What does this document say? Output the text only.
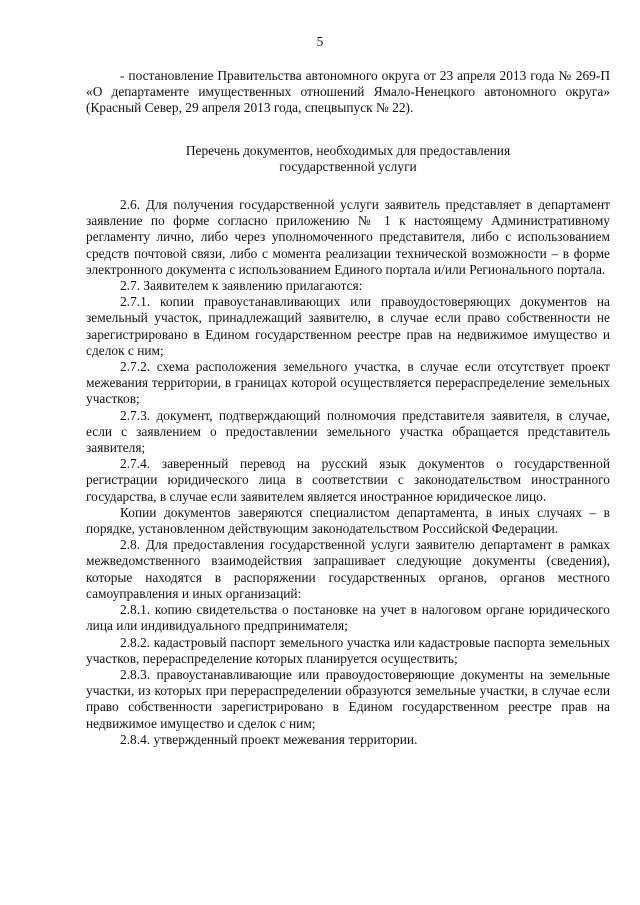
5

- постановление Правительства автономного округа от 23 апреля 2013 года № 269-П «О департаменте имущественных отношений Ямало-Ненецкого автономного округа» (Красный Север, 29 апреля 2013 года, спецвыпуск № 22).

Перечень документов, необходимых для предоставления
государственной услуги

2.6. Для получения государственной услуги заявитель представляет в департамент заявление по форме согласно приложению № 1 к настоящему Административному регламенту лично, либо через уполномоченного представителя, либо с использованием средств почтовой связи, либо с момента реализации технической возможности – в форме электронного документа с использованием Единого портала и/или Регионального портала.

2.7. Заявителем к заявлению прилагаются:

2.7.1. копии правоустанавливающих или правоудостоверяющих документов на земельный участок, принадлежащий заявителю, в случае если право собственности не зарегистрировано в Едином государственном реестре прав на недвижимое имущество и сделок с ним;

2.7.2. схема расположения земельного участка, в случае если отсутствует проект межевания территории, в границах которой осуществляется перераспределение земельных участков;

2.7.3. документ, подтверждающий полномочия представителя заявителя, в случае, если с заявлением о предоставлении земельного участка обращается представитель заявителя;

2.7.4. заверенный перевод на русский язык документов о государственной регистрации юридического лица в соответствии с законодательством иностранного государства, в случае если заявителем является иностранное юридическое лицо.

Копии документов заверяются специалистом департамента, в иных случаях – в порядке, установленном действующим законодательством Российской Федерации.

2.8. Для предоставления государственной услуги заявителю департамент в рамках межведомственного взаимодействия запрашивает следующие документы (сведения), которые находятся в распоряжении государственных органов, органов местного самоуправления и иных организаций:

2.8.1. копию свидетельства о постановке на учет в налоговом органе юридического лица или индивидуального предпринимателя;

2.8.2. кадастровый паспорт земельного участка или кадастровые паспорта земельных участков, перераспределение которых планируется осуществить;

2.8.3. правоустанавливающие или правоудостоверяющие документы на земельные участки, из которых при перераспределении образуются земельные участки, в случае если право собственности зарегистрировано в Едином государственном реестре прав на недвижимое имущество и сделок с ним;

2.8.4. утвержденный проект межевания территории.
